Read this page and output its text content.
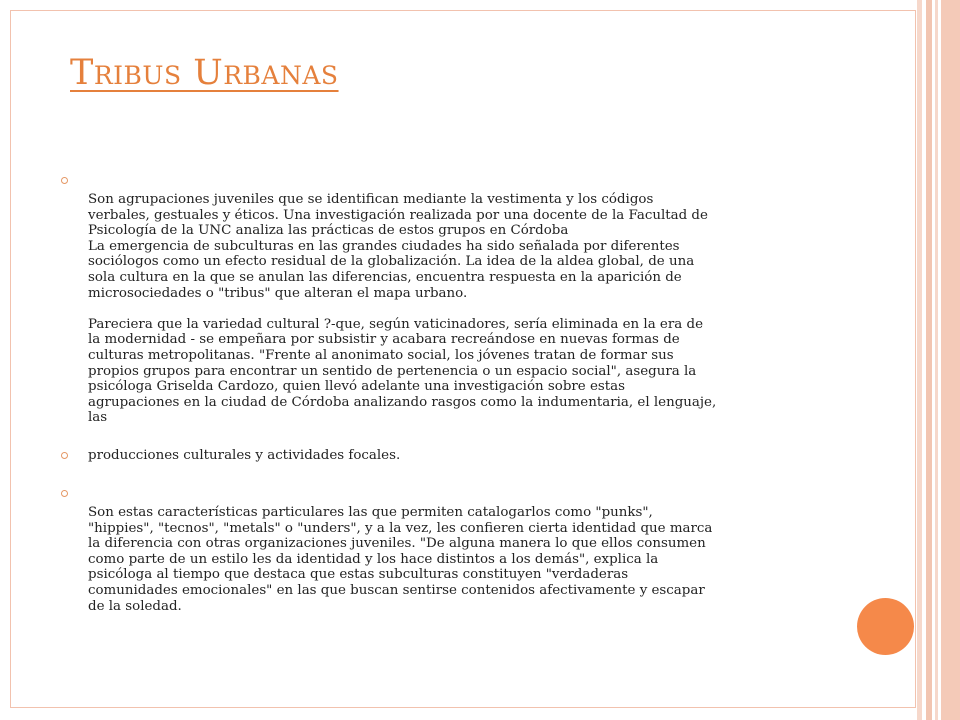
Tribus Urbanas

Son agrupaciones juveniles que se identifican mediante la vestimenta y los códigos
verbales, gestuales y éticos. Una investigación realizada por una docente de la Facultad de
Psicología de la UNC analiza las prácticas de estos grupos en Córdoba
La emergencia de subculturas en las grandes ciudades ha sido señalada por diferentes
sociólogos como un efecto residual de la globalización. La idea de la aldea global, de una
sola cultura en la que se anulan las diferencias, encuentra respuesta en la aparición de
microsociedades o "tribus" que alteran el mapa urbano.

Pareciera que la variedad cultural ?-que, según vaticinadores, sería eliminada en la era de
la modernidad - se empeñara por subsistir y acabara recreándose en nuevas formas de
culturas metropolitanas. "Frente al anonimato social, los jóvenes tratan de formar sus
propios grupos para encontrar un sentido de pertenencia o un espacio social", asegura la
psicóloga Griselda Cardozo, quien llevó adelante una investigación sobre estas
agrupaciones en la ciudad de Córdoba analizando rasgos como la indumentaria, el lenguaje,
las

producciones culturales y actividades focales.

Son estas características particulares las que permiten catalogarlos como "punks",
"hippies", "tecnos", "metals" o "unders", y a la vez, les confieren cierta identidad que marca
la diferencia con otras organizaciones juveniles. "De alguna manera lo que ellos consumen
como parte de un estilo les da identidad y los hace distintos a los demás", explica la
psicóloga al tiempo que destaca que estas subculturas constituyen "verdaderas
comunidades emocionales" en las que buscan sentirse contenidos afectivamente y escapar
de la soledad.
